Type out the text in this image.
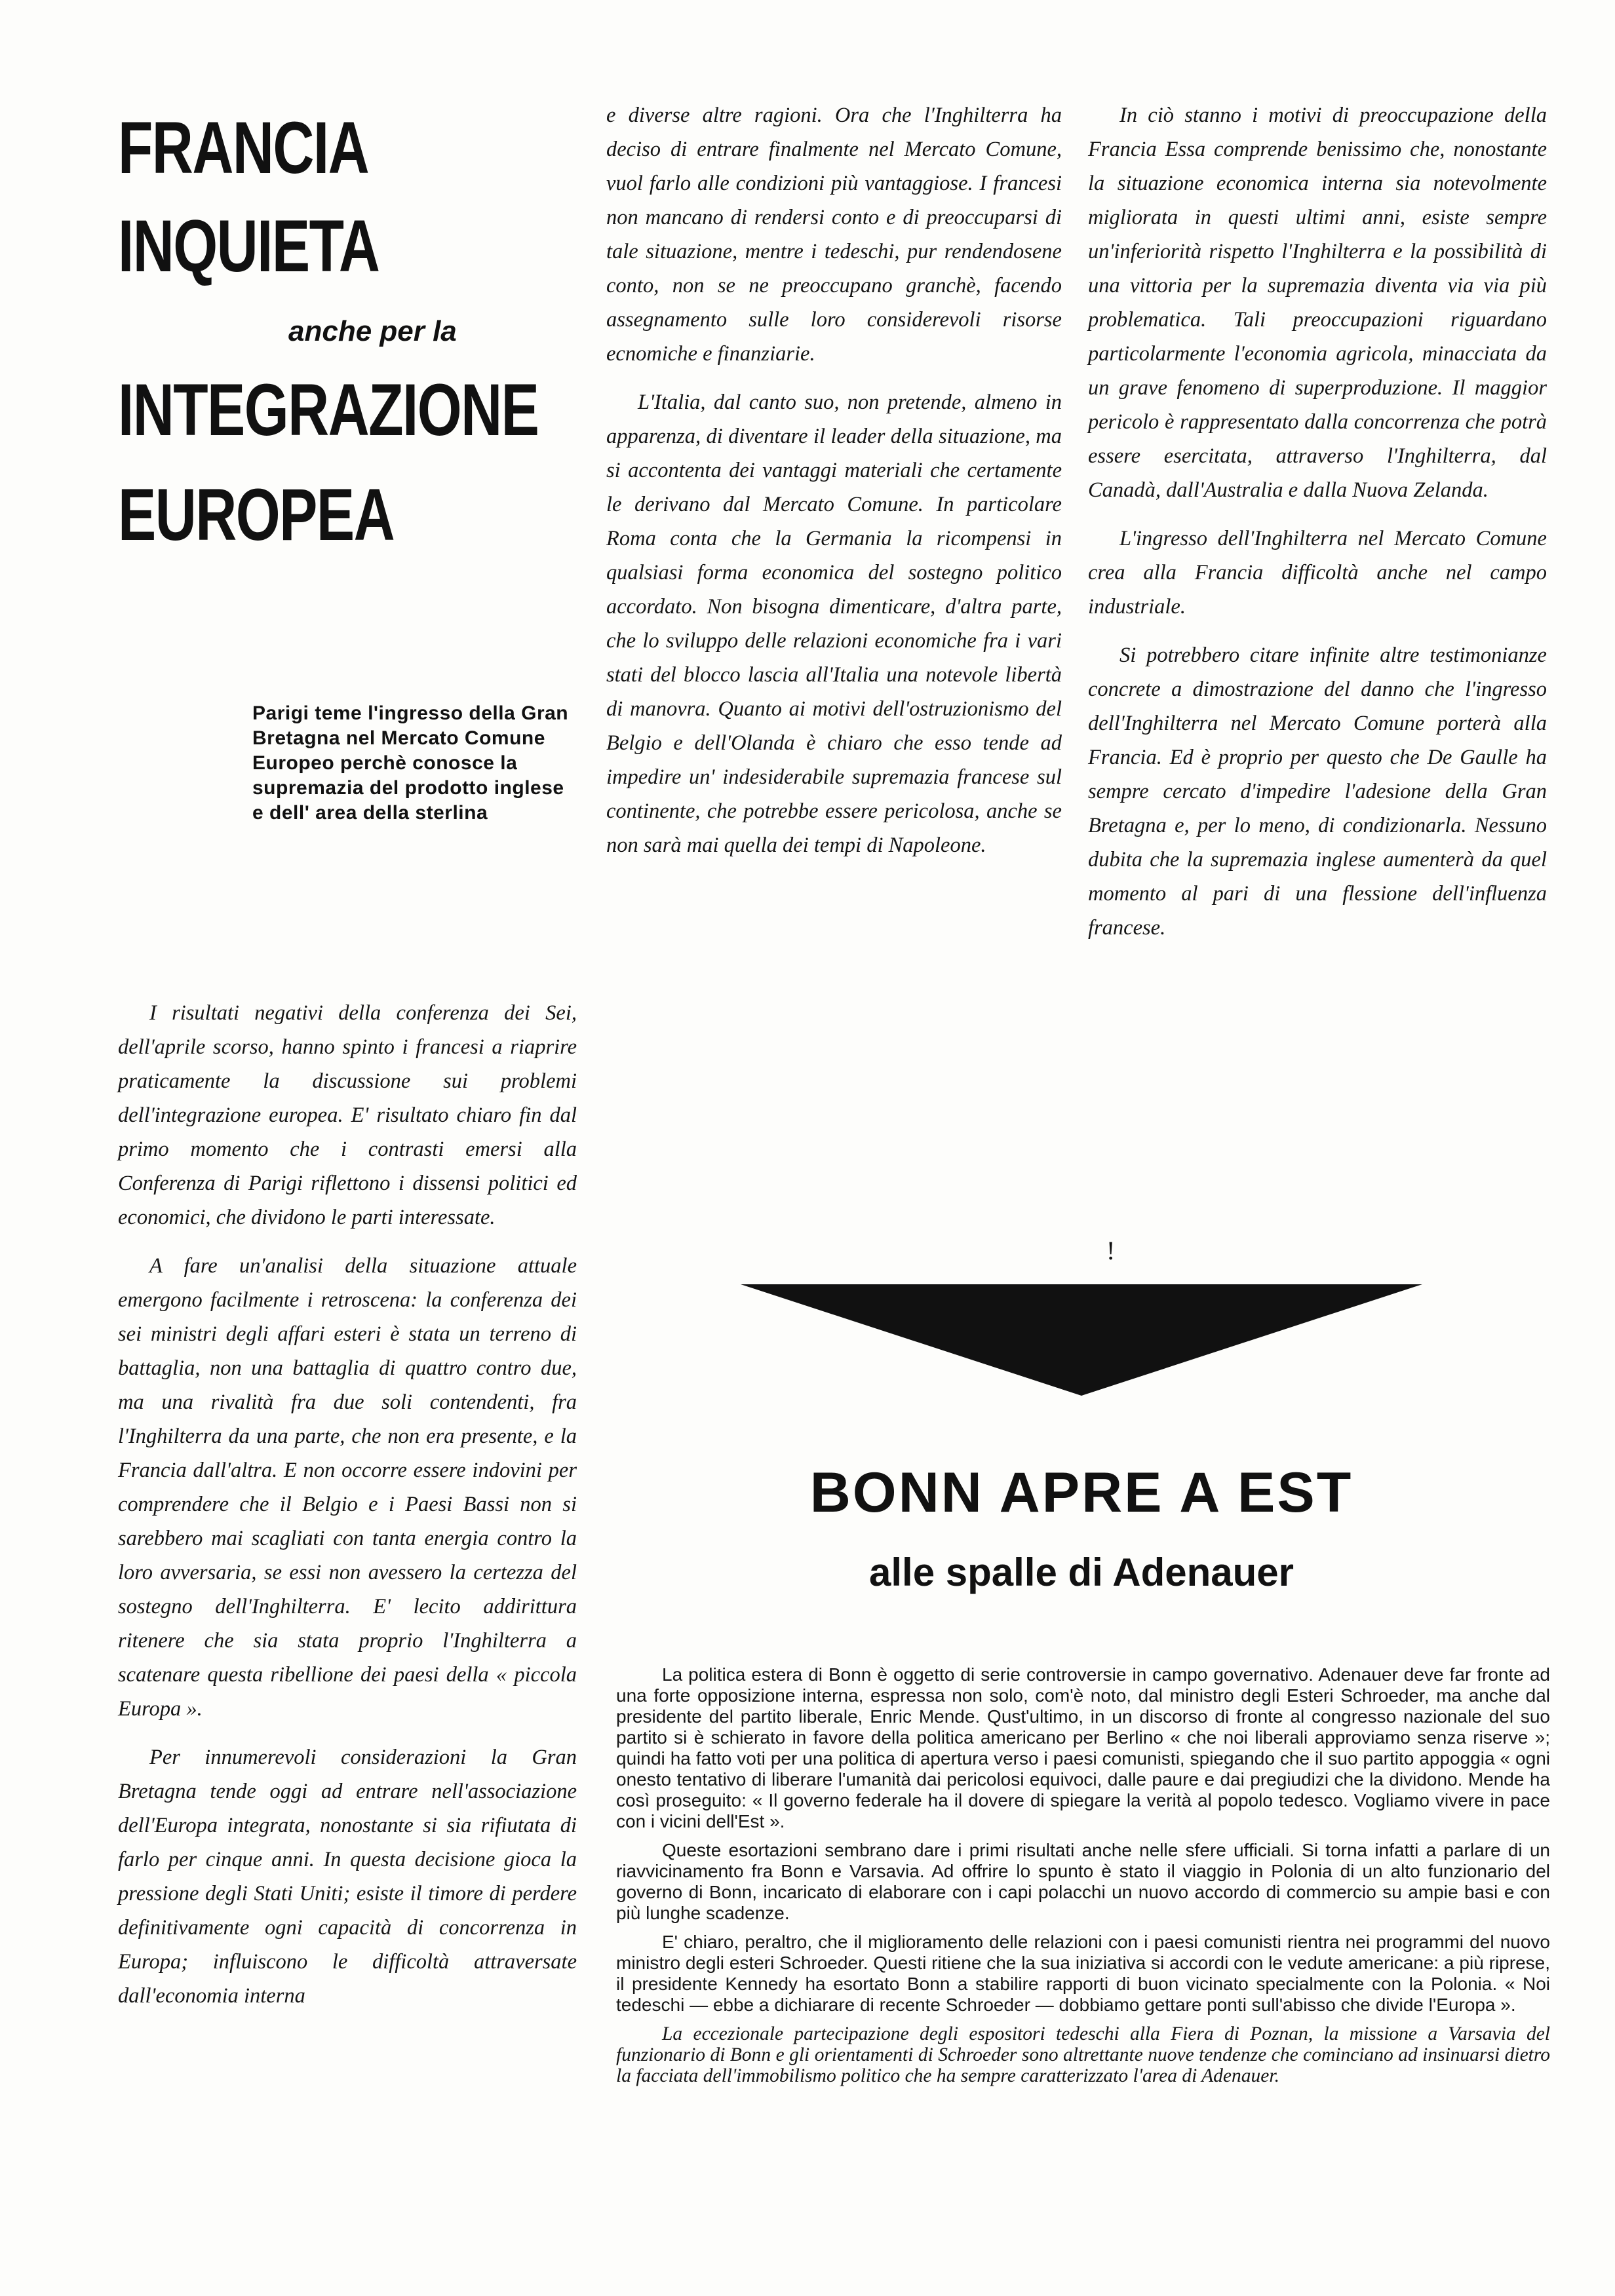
FRANCIA
INQUIETA
anche per la
INTEGRAZIONE
EUROPEA

Parigi teme l'ingresso della Gran Bretagna nel Mercato Comune Europeo perchè conosce la supremazia del prodotto inglese e dell' area della sterlina

I risultati negativi della conferenza dei Sei, dell'aprile scorso, hanno spinto i francesi a riaprire praticamente la discussione sui problemi dell'integrazione europea. E' risultato chiaro fin dal primo momento che i contrasti emersi alla Conferenza di Parigi riflettono i dissensi politici ed economici, che dividono le parti interessate.

A fare un'analisi della situazione attuale emergono facilmente i retroscena: la conferenza dei sei ministri degli affari esteri è stata un terreno di battaglia, non una battaglia di quattro contro due, ma una rivalità fra due soli contendenti, fra l'Inghilterra da una parte, che non era presente, e la Francia dall'altra. E non occorre essere indovini per comprendere che il Belgio e i Paesi Bassi non si sarebbero mai scagliati con tanta energia contro la loro avversaria, se essi non avessero la certezza del sostegno dell'Inghilterra. E' lecito addirittura ritenere che sia stata proprio l'Inghilterra a scatenare questa ribellione dei paesi della « piccola Europa ».

Per innumerevoli considerazioni la Gran Bretagna tende oggi ad entrare nell'associazione dell'Europa integrata, nonostante si sia rifiutata di farlo per cinque anni. In questa decisione gioca la pressione degli Stati Uniti; esiste il timore di perdere definitivamente ogni capacità di concorrenza in Europa; influiscono le difficoltà attraversate dall'economia interna

e diverse altre ragioni. Ora che l'Inghilterra ha deciso di entrare finalmente nel Mercato Comune, vuol farlo alle condizioni più vantaggiose. I francesi non mancano di rendersi conto e di preoccuparsi di tale situazione, mentre i tedeschi, pur rendendosene conto, non se ne preoccupano granchè, facendo assegnamento sulle loro considerevoli risorse ecnomiche e finanziarie.

L'Italia, dal canto suo, non pretende, almeno in apparenza, di diventare il leader della situazione, ma si accontenta dei vantaggi materiali che certamente le derivano dal Mercato Comune. In particolare Roma conta che la Germania la ricompensi in qualsiasi forma economica del sostegno politico accordato. Non bisogna dimenticare, d'altra parte, che lo sviluppo delle relazioni economiche fra i vari stati del blocco lascia all'Italia una notevole libertà di manovra. Quanto ai motivi dell'ostruzionismo del Belgio e dell'Olanda è chiaro che esso tende ad impedire un' indesiderabile supremazia francese sul continente, che potrebbe essere pericolosa, anche se non sarà mai quella dei tempi di Napoleone.

In ciò stanno i motivi di preoccupazione della Francia Essa comprende benissimo che, nonostante la situazione economica interna sia notevolmente migliorata in questi ultimi anni, esiste sempre un'inferiorità rispetto l'Inghilterra e la possibilità di una vittoria per la supremazia diventa via via più problematica. Tali preoccupazioni riguardano particolarmente l'economia agricola, minacciata da un grave fenomeno di superproduzione. Il maggior pericolo è rappresentato dalla concorrenza che potrà essere esercitata, attraverso l'Inghilterra, dal Canadà, dall'Australia e dalla Nuova Zelanda.

L'ingresso dell'Inghilterra nel Mercato Comune crea alla Francia difficoltà anche nel campo industriale.

Si potrebbero citare infinite altre testimonianze concrete a dimostrazione del danno che l'ingresso dell'Inghilterra nel Mercato Comune porterà alla Francia. Ed è proprio per questo che De Gaulle ha sempre cercato d'impedire l'adesione della Gran Bretagna e, per lo meno, di condizionarla. Nessuno dubita che la supremazia inglese aumenterà da quel momento al pari di una flessione dell'influenza francese.

!
BONN APRE A EST
alle spalle di Adenauer

La politica estera di Bonn è oggetto di serie controversie in campo governativo. Adenauer deve far fronte ad una forte opposizione interna, espressa non solo, com'è noto, dal ministro degli Esteri Schroeder, ma anche dal presidente del partito liberale, Enric Mende. Qust'ultimo, in un discorso di fronte al congresso nazionale del suo partito si è schierato in favore della politica americano per Berlino « che noi liberali approviamo senza riserve »; quindi ha fatto voti per una politica di apertura verso i paesi comunisti, spiegando che il suo partito appoggia « ogni onesto tentativo di liberare l'umanità dai pericolosi equivoci, dalle paure e dai pregiudizi che la dividono. Mende ha così proseguito: « Il governo federale ha il dovere di spiegare la verità al popolo tedesco. Vogliamo vivere in pace con i vicini dell'Est ».

Queste esortazioni sembrano dare i primi risultati anche nelle sfere ufficiali. Si torna infatti a parlare di un riavvicinamento fra Bonn e Varsavia. Ad offrire lo spunto è stato il viaggio in Polonia di un alto funzionario del governo di Bonn, incaricato di elaborare con i capi polacchi un nuovo accordo di commercio su ampie basi e con più lunghe scadenze.

E' chiaro, peraltro, che il miglioramento delle relazioni con i paesi comunisti rientra nei programmi del nuovo ministro degli esteri Schroeder. Questi ritiene che la sua iniziativa si accordi con le vedute americane: a più riprese, il presidente Kennedy ha esortato Bonn a stabilire rapporti di buon vicinato specialmente con la Polonia. « Noi tedeschi — ebbe a dichiarare di recente Schroeder — dobbiamo gettare ponti sull'abisso che divide l'Europa ».

La eccezionale partecipazione degli espositori tedeschi alla Fiera di Poznan, la missione a Varsavia del funzionario di Bonn e gli orientamenti di Schroeder sono altrettante nuove tendenze che cominciano ad insinuarsi dietro la facciata dell'immobilismo politico che ha sempre caratterizzato l'area di Adenauer.
